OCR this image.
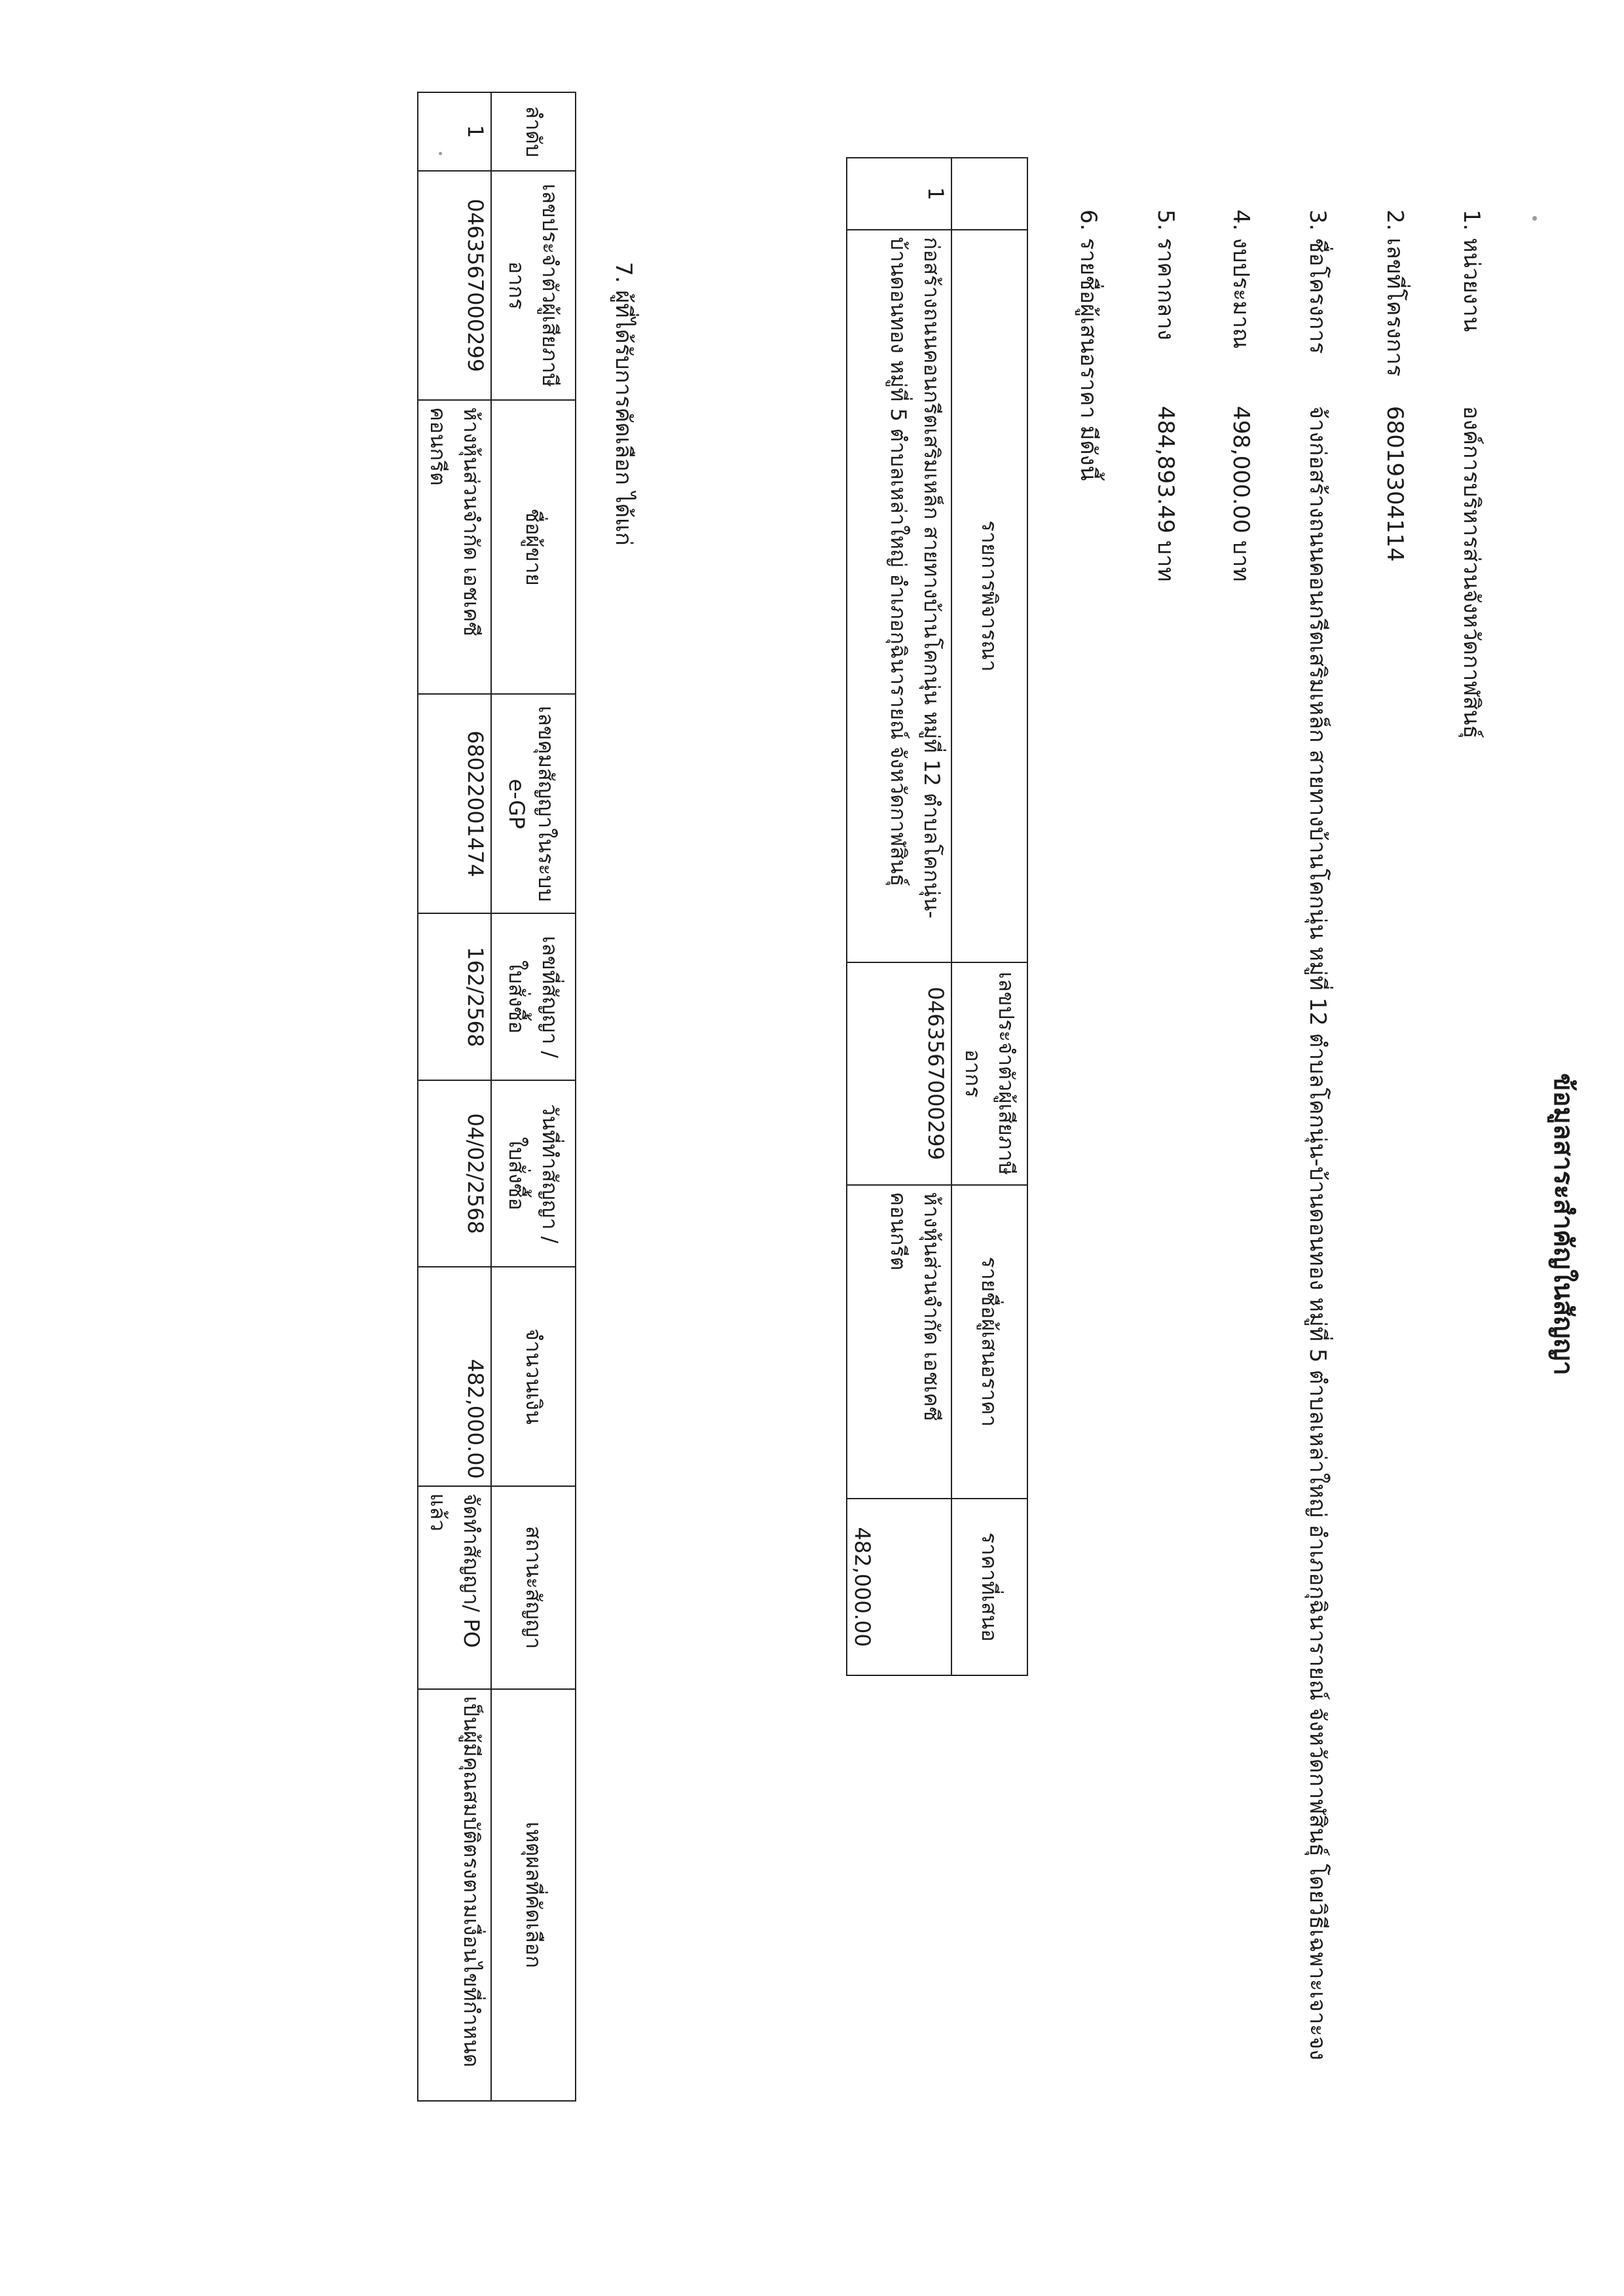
ข้อมูลสาระสำคัญในสัญญา
1. หน่วยงานองค์การบริหารส่วนจังหวัดกาฬสินธุ์
2. เลขที่โครงการ68019304114
3. ชื่อโครงการจ้างก่อสร้างถนนคอนกรีตเสริมเหล็ก สายทางบ้านโคกนุ่น หมู่ที่ 12 ตำบลโคกนุ่น-บ้านดอนทอง หมู่ที่ 5 ตำบลเหล่าใหญ่ อำเภอกุฉินารายณ์ จังหวัดกาฬสินธุ์ โดยวิธีเฉพาะเจาะจง
4. งบประมาณ498,000.00 บาท
5. ราคากลาง484,893.49 บาท
6. รายชื่อผู้เสนอราคา มีดังนี้
	รายการพิจารณา	เลขประจำตัวผู้เสียภาษีอากร	รายชื่อผู้เสนอราคา	ราคาที่เสนอ
1	ก่อสร้างถนนคอนกรีตเสริมเหล็ก สายทางบ้านโคกนุ่น หมู่ที่ 12 ตำบลโคกนุ่น-บ้านดอนทอง หมู่ที่ 5 ตำบลเหล่าใหญ่ อำเภอกุฉินารายณ์ จังหวัดกาฬสินธุ์	0463567000299	ห้างหุ้นส่วนจำกัด เอชเคซี คอนกรีต	482,000.00
7. ผู้ที่ได้รับการคัดเลือก ได้แก่
ลำดับ	เลขประจำตัวผู้เสียภาษีอากร	ชื่อผู้ขาย	เลขคุมสัญญาในระบบ e-GP	เลขที่สัญญา / ใบสั่งซื้อ	วันที่ทำสัญญา / ใบสั่งซื้อ	จำนวนเงิน	สถานะสัญญา	เหตุผลที่คัดเลือก
1	0463567000299	ห้างหุ้นส่วนจำกัด เอชเคซี คอนกรีต	68022001474	162/2568	04/02/2568	482,000.00	จัดทำสัญญา/ PO แล้ว	เป็นผู้มีคุณสมบัติตรงตามเงื่อนไขที่กำหนด
